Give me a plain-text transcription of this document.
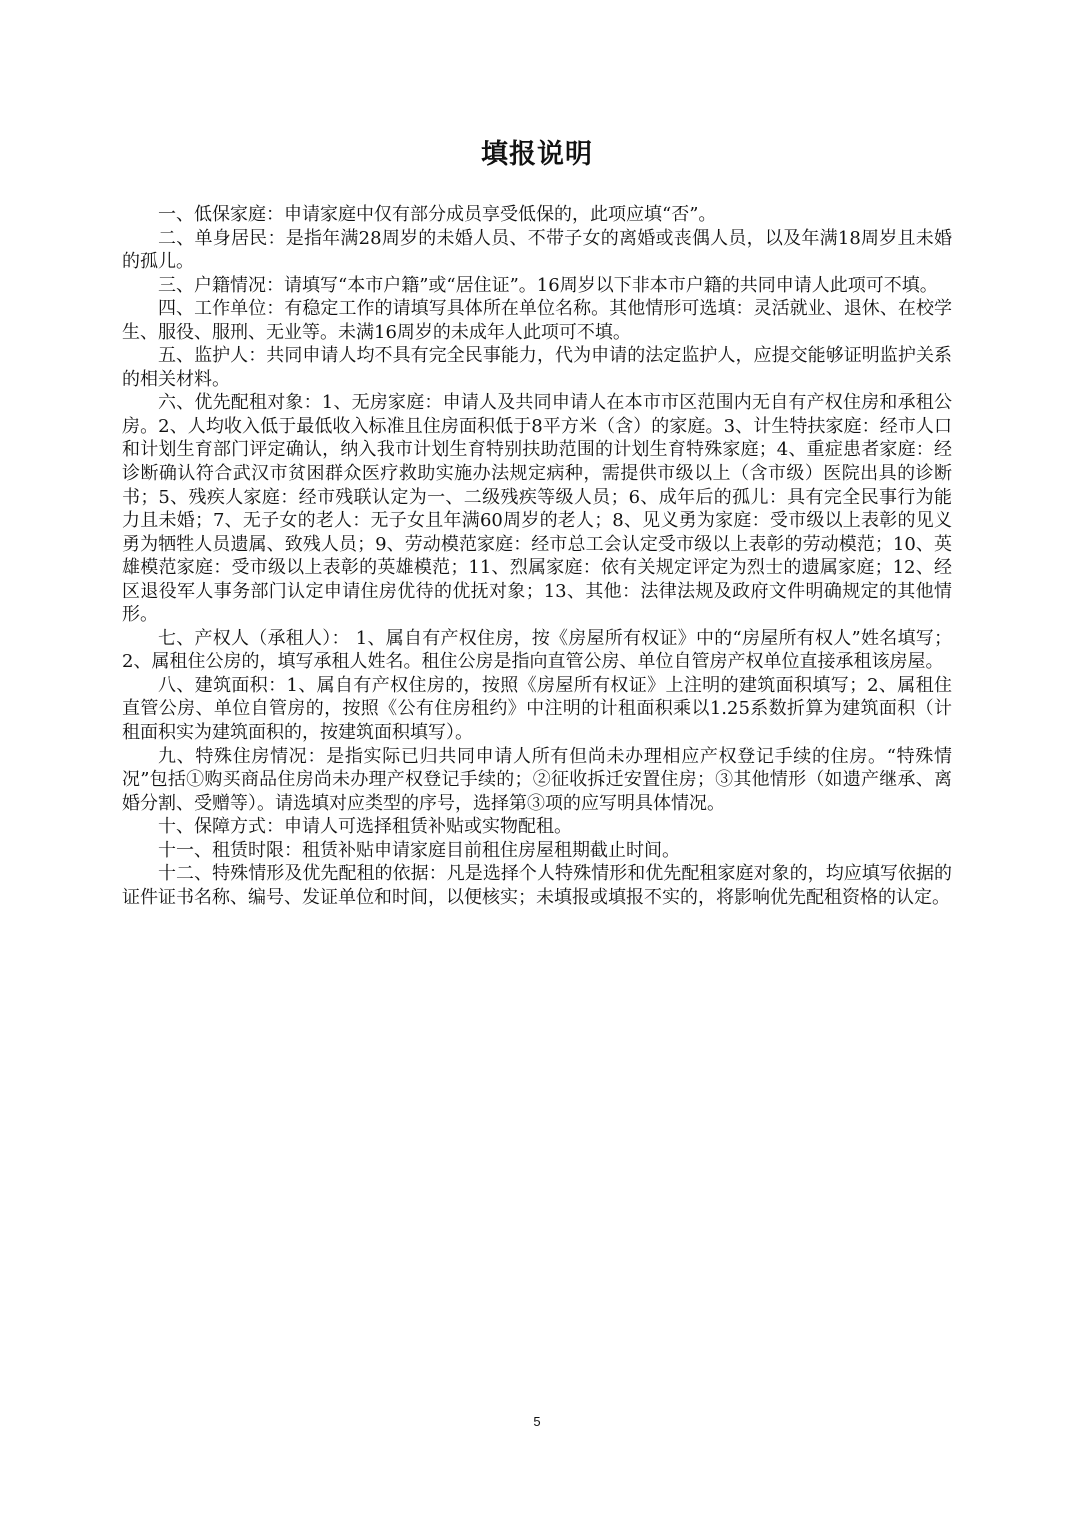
填报说明

一、低保家庭：申请家庭中仅有部分成员享受低保的，此项应填“否”。

二、单身居民：是指年满28周岁的未婚人员、不带子女的离婚或丧偶人员，以及年满18周岁且未婚的孤儿。

三、户籍情况：请填写“本市户籍”或“居住证”。16周岁以下非本市户籍的共同申请人此项可不填。

四、工作单位：有稳定工作的请填写具体所在单位名称。其他情形可选填：灵活就业、退休、在校学生、服役、服刑、无业等。未满16周岁的未成年人此项可不填。

五、监护人：共同申请人均不具有完全民事能力，代为申请的法定监护人，应提交能够证明监护关系的相关材料。

六、优先配租对象：1、无房家庭：申请人及共同申请人在本市市区范围内无自有产权住房和承租公房。2、人均收入低于最低收入标准且住房面积低于8平方米（含）的家庭。3、计生特扶家庭：经市人口和计划生育部门评定确认，纳入我市计划生育特别扶助范围的计划生育特殊家庭；4、重症患者家庭：经诊断确认符合武汉市贫困群众医疗救助实施办法规定病种，需提供市级以上（含市级）医院出具的诊断书；5、残疾人家庭：经市残联认定为一、二级残疾等级人员；6、成年后的孤儿：具有完全民事行为能力且未婚；7、无子女的老人：无子女且年满60周岁的老人；8、见义勇为家庭：受市级以上表彰的见义勇为牺牲人员遗属、致残人员；9、劳动模范家庭：经市总工会认定受市级以上表彰的劳动模范；10、英雄模范家庭：受市级以上表彰的英雄模范；11、烈属家庭：依有关规定评定为烈士的遗属家庭；12、经区退役军人事务部门认定申请住房优待的优抚对象；13、其他：法律法规及政府文件明确规定的其他情形。

七、产权人（承租人）： 1、属自有产权住房，按《房屋所有权证》中的“房屋所有权人”姓名填写；2、属租住公房的，填写承租人姓名。租住公房是指向直管公房、单位自管房产权单位直接承租该房屋。

八、建筑面积：1、属自有产权住房的，按照《房屋所有权证》上注明的建筑面积填写；2、属租住直管公房、单位自管房的，按照《公有住房租约》中注明的计租面积乘以1.25系数折算为建筑面积（计租面积实为建筑面积的，按建筑面积填写）。

九、特殊住房情况：是指实际已归共同申请人所有但尚未办理相应产权登记手续的住房。“特殊情况”包括①购买商品住房尚未办理产权登记手续的；②征收拆迁安置住房；③其他情形（如遗产继承、离婚分割、受赠等）。请选填对应类型的序号，选择第③项的应写明具体情况。

十、保障方式：申请人可选择租赁补贴或实物配租。

十一、租赁时限：租赁补贴申请家庭目前租住房屋租期截止时间。

十二、特殊情形及优先配租的依据：凡是选择个人特殊情形和优先配租家庭对象的，均应填写依据的证件证书名称、编号、发证单位和时间，以便核实；未填报或填报不实的，将影响优先配租资格的认定。

5
